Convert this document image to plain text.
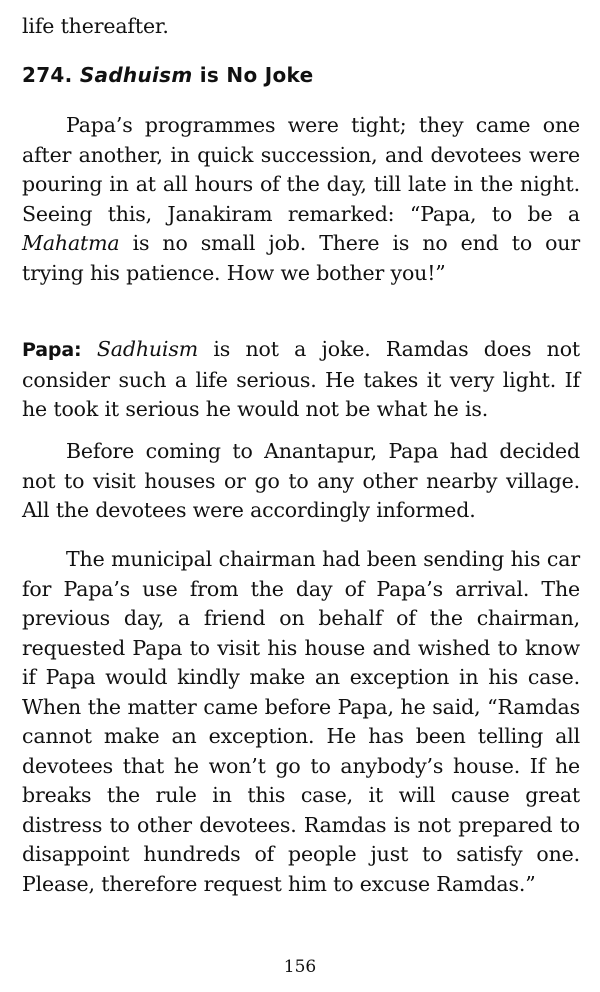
life thereafter.

274. Sadhuism is No Joke

Papa’s programmes were tight; they came one after another, in quick succession, and devotees were pouring in at all hours of the day, till late in the night. Seeing this, Janakiram remarked: “Papa, to be a Mahatma is no small job. There is no end to our trying his patience. How we bother you!”

Papa: Sadhuism is not a joke. Ramdas does not consider such a life serious. He takes it very light. If he took it serious he would not be what he is.

Before coming to Anantapur, Papa had decided not to visit houses or go to any other nearby village. All the devotees were accordingly informed.

The municipal chairman had been sending his car for Papa’s use from the day of Papa’s arrival. The previous day, a friend on behalf of the chairman, requested Papa to visit his house and wished to know if Papa would kindly make an exception in his case. When the matter came before Papa, he said, “Ramdas cannot make an exception. He has been telling all devotees that he won’t go to anybody’s house. If he breaks the rule in this case, it will cause great distress to other devotees. Ramdas is not prepared to disappoint hundreds of people just to satisfy one. Please, therefore request him to excuse Ramdas.”

156
